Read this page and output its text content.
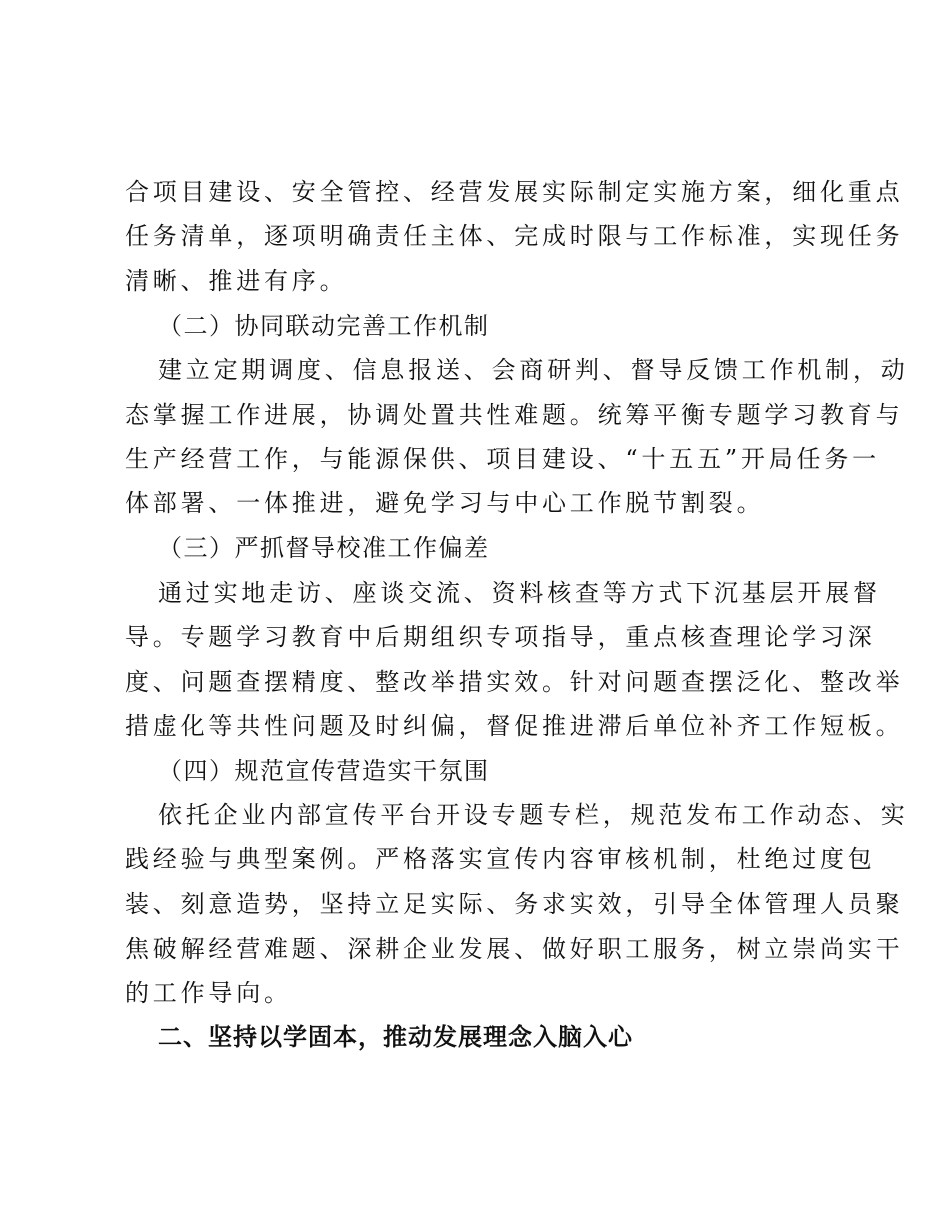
合项目建设、安全管控、经营发展实际制定实施方案，细化重点
任务清单，逐项明确责任主体、完成时限与工作标准，实现任务
清晰、推进有序。
（二）协同联动完善工作机制
建立定期调度、信息报送、会商研判、督导反馈工作机制，动
态掌握工作进展，协调处置共性难题。统筹平衡专题学习教育与
生产经营工作，与能源保供、项目建设、“十五五”开局任务一
体部署、一体推进，避免学习与中心工作脱节割裂。
（三）严抓督导校准工作偏差
通过实地走访、座谈交流、资料核查等方式下沉基层开展督
导。专题学习教育中后期组织专项指导，重点核查理论学习深
度、问题查摆精度、整改举措实效。针对问题查摆泛化、整改举
措虚化等共性问题及时纠偏，督促推进滞后单位补齐工作短板。
（四）规范宣传营造实干氛围
依托企业内部宣传平台开设专题专栏，规范发布工作动态、实
践经验与典型案例。严格落实宣传内容审核机制，杜绝过度包
装、刻意造势，坚持立足实际、务求实效，引导全体管理人员聚
焦破解经营难题、深耕企业发展、做好职工服务，树立崇尚实干
的工作导向。
二、坚持以学固本，推动发展理念入脑入心
